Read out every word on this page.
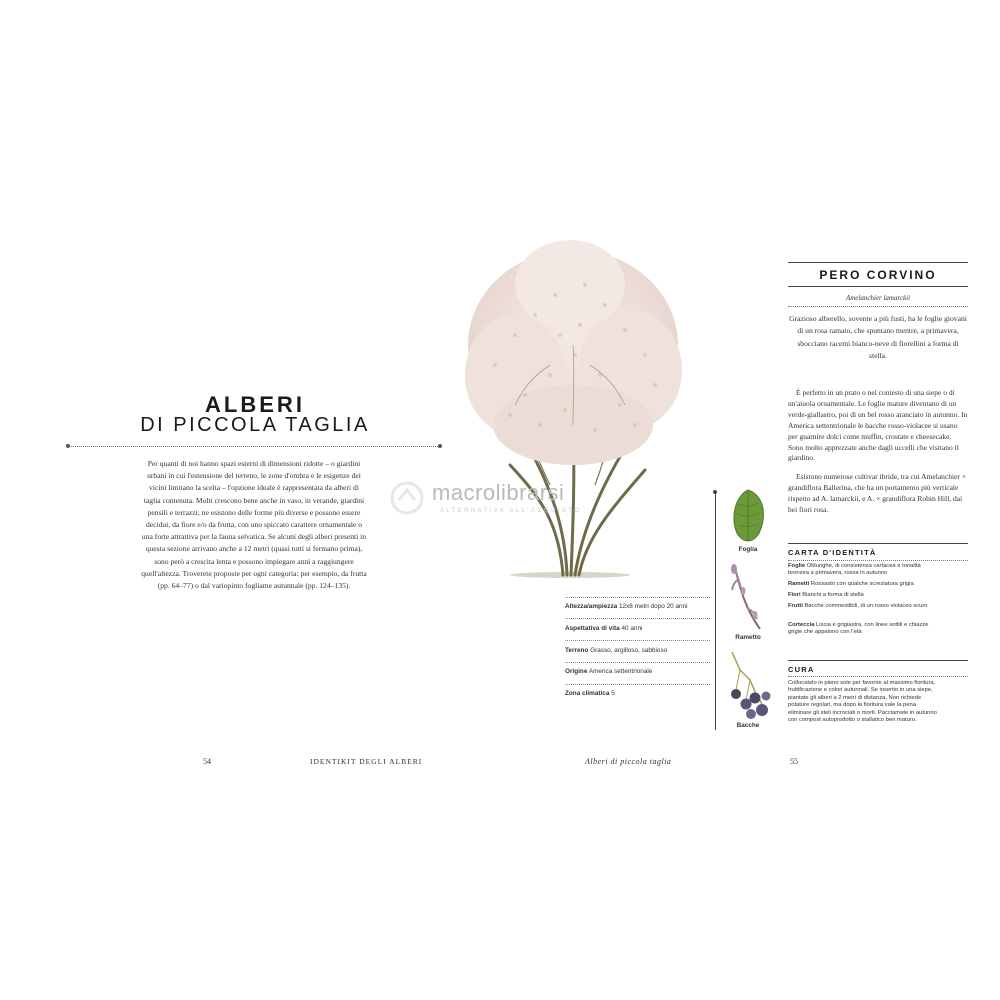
ALBERI
DI PICCOLA TAGLIA
Per quanti di noi hanno spazi esterni di dimensioni ridotte – o giardini urbani in cui l'estensione del terreno, le zone d'ombra e le esigenze dei vicini limitano la scelta – l'opzione ideale è rappresentata da alberi di taglia contenuta. Molti crescono bene anche in vaso, in verande, giardini pensili e terrazzi; ne esistono delle forme più diverse e possono essere decidui, da fiore e/o da frutta, con uno spiccato carattere ornamentale o una forte attrattiva per la fauna selvatica. Se alcuni degli alberi presenti in questa sezione arrivano anche a 12 metri (quasi tutti si fermano prima), sono però a crescita lenta e possono impiegare anni a raggiungere quell'altezza. Troverete proposte per ogni categoria: per esempio, da frutta (pp. 64–77) o dal variopinto fogliame autunnale (pp. 124–135).
54	IDENTIKIT DEGLI ALBERI
macrolibrarsi
ALTERNATIVA ALL'ACQUISTO
Altezza/ampiezza 12x8 metri dopo 20 anni
Aspettativa di vita 40 anni
Terreno Grasso, argilloso, sabbioso
Origine America settentrionale
Zona climatica 5
Foglia
Rametto
Bacche
PERO CORVINO
Amelanchier lamarckii
Grazioso alberello, sovente a più fusti, ha le foglie giovani di un rosa ramato, che spuntano mentre, a primavera, sbocciano racemi bianco-neve di fiorellini a forma di stella.
È perfetto in un prato o nel contesto di una siepe o di un'aiuola ornamentale. Le foglie mature diventano di un verde-giallastro, poi di un bel rosso aranciato in autunno. In America settentrionale le bacche rosso-violacee si usano per guarnire dolci come muffin, crostate e cheesecake. Sono molto apprezzate anche dagli uccelli che visitano il giardino.
Esistono numerose cultivar ibride, tra cui Amelanchier × grandiflora Ballerina, che ha un portamento più verticale rispetto ad A. lamarckii, e A. × grandiflora Robin Hill, dai bei fiori rosa.
CARTA D'IDENTITÀ
Foglie Oblunghe, di consistenza cartacea e tonalità bronzea a primavera, rossa in autunno
Rametti Rossastri con qualche screziatura grigia
Fiori Bianchi a forma di stella
Frutti Bacche commestibili, di un rosso violaceo scuro
Corteccia Liscia e grigiastra, con linee sottili e chiazze grigie che appaiono con l'età
CURA
Collocatelo in pieno sole per favorire al massimo fioritura, fruttificazione e colori autunnali. Se inserito in una siepe, piantate gli alberi a 2 metri di distanza. Non richiede potature regolari, ma dopo la fioritura vale la pena eliminare gli steli incrociati o morti. Pacciamate in autunno con compost autoprodotto o stallatico ben maturo.
Alberi di piccola taglia	55
